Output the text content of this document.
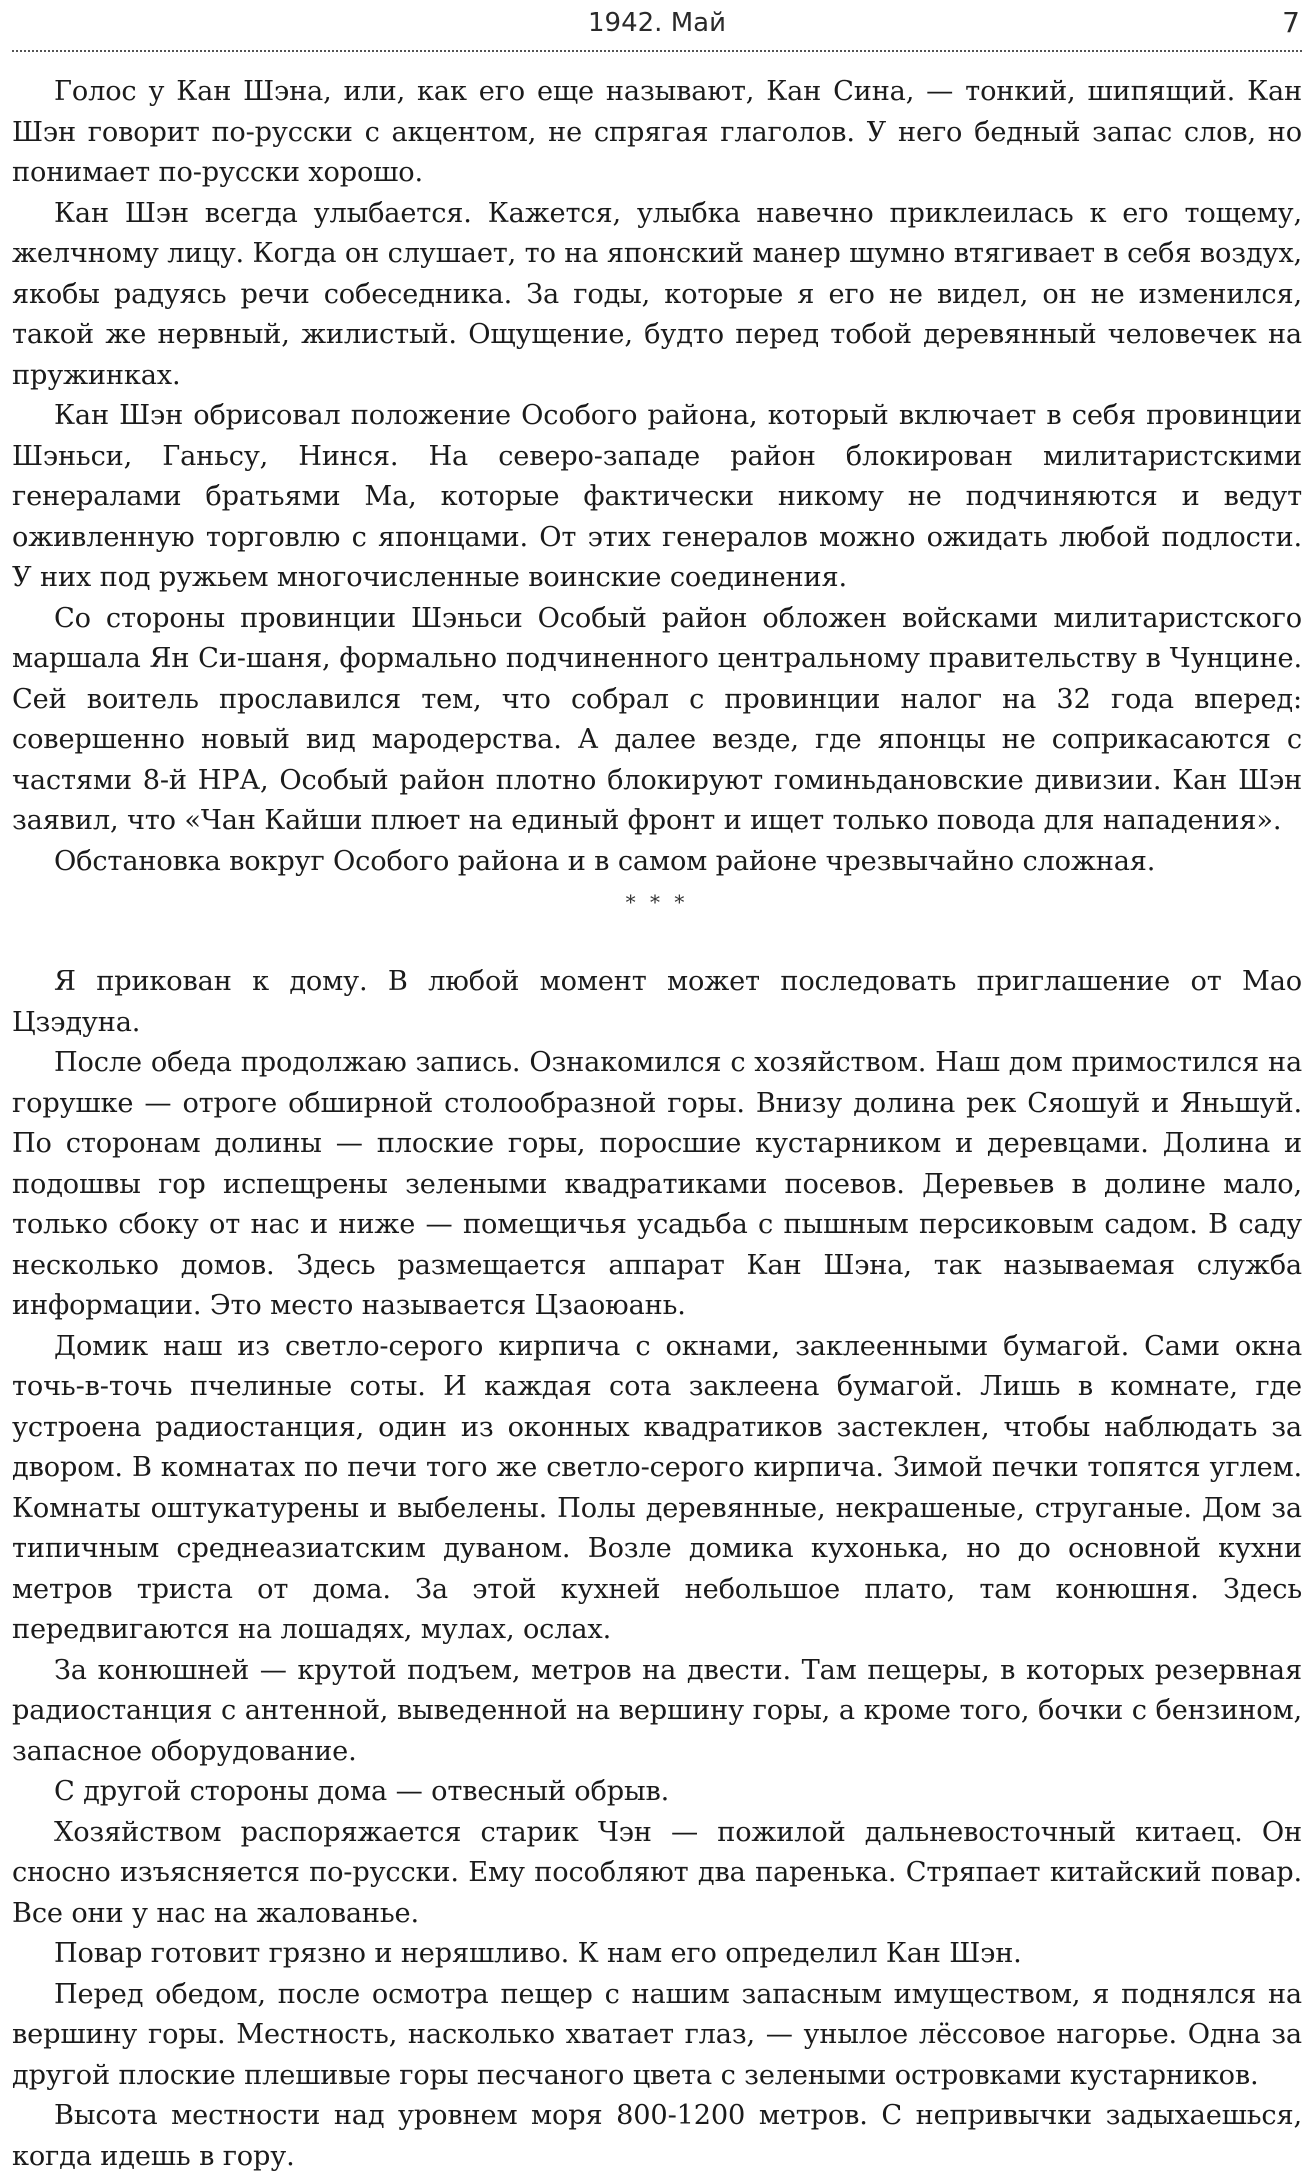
1942. Май	7

Голос у Кан Шэна, или, как его еще называют, Кан Сина, — тонкий, шипящий. Кан Шэн говорит по-русски с акцентом, не спрягая глаголов. У него бедный запас слов, но понимает по-русски хорошо.

Кан Шэн всегда улыбается. Кажется, улыбка навечно приклеилась к его тощему, желчному лицу. Когда он слушает, то на японский манер шумно втягивает в себя воздух, якобы радуясь речи собеседника. За годы, которые я его не видел, он не изменился, такой же нервный, жилистый. Ощущение, будто перед тобой деревянный человечек на пружинках.

Кан Шэн обрисовал положение Особого района, который включает в себя провинции Шэньси, Ганьсу, Нинся. На северо-западе район блокирован милитаристскими генералами братьями Ма, которые фактически никому не подчиняются и ведут оживленную торговлю с японцами. От этих генералов можно ожидать любой подлости. У них под ружьем многочисленные воинские соединения.

Со стороны провинции Шэньси Особый район обложен войсками милитаристского маршала Ян Си-шаня, формально подчиненного центральному правительству в Чунцине. Сей воитель прославился тем, что собрал с провинции налог на 32 года вперед: совершенно новый вид мародерства. А далее везде, где японцы не соприкасаются с частями 8-й НРА, Особый район плотно блокируют гоминьдановские дивизии. Кан Шэн заявил, что «Чан Кайши плюет на единый фронт и ищет только повода для нападения».

Обстановка вокруг Особого района и в самом районе чрезвычайно сложная.

* * *

Я прикован к дому. В любой момент может последовать приглашение от Мао Цзэдуна.

После обеда продолжаю запись. Ознакомился с хозяйством. Наш дом примостился на горушке — отроге обширной столообразной горы. Внизу долина рек Сяошуй и Яньшуй. По сторонам долины — плоские горы, поросшие кустарником и деревцами. Долина и подошвы гор испещрены зелеными квадратиками посевов. Деревьев в долине мало, только сбоку от нас и ниже — помещичья усадьба с пышным персиковым садом. В саду несколько домов. Здесь размещается аппарат Кан Шэна, так называемая служба информации. Это место называется Цзаоюань.

Домик наш из светло-серого кирпича с окнами, заклеенными бумагой. Сами окна точь-в-точь пчелиные соты. И каждая сота заклеена бумагой. Лишь в комнате, где устроена радиостанция, один из оконных квадратиков застеклен, чтобы наблюдать за двором. В комнатах по печи того же светло-серого кирпича. Зимой печки топятся углем. Комнаты оштукатурены и выбелены. Полы деревянные, некрашеные, струганые. Дом за типичным среднеазиатским дуваном. Возле домика кухонька, но до основной кухни метров триста от дома. За этой кухней небольшое плато, там конюшня. Здесь передвигаются на лошадях, мулах, ослах.

За конюшней — крутой подъем, метров на двести. Там пещеры, в которых резервная радиостанция с антенной, выведенной на вершину горы, а кроме того, бочки с бензином, запасное оборудование.

С другой стороны дома — отвесный обрыв.

Хозяйством распоряжается старик Чэн — пожилой дальневосточный китаец. Он сносно изъясняется по-русски. Ему пособляют два паренька. Стряпает китайский повар. Все они у нас на жалованье.

Повар готовит грязно и неряшливо. К нам его определил Кан Шэн.

Перед обедом, после осмотра пещер с нашим запасным имуществом, я поднялся на вершину горы. Местность, насколько хватает глаз, — унылое лёссовое нагорье. Одна за другой плоские плешивые горы песчаного цвета с зелеными островками кустарников.

Высота местности над уровнем моря 800-1200 метров. С непривычки задыхаешься, когда идешь в гору.
